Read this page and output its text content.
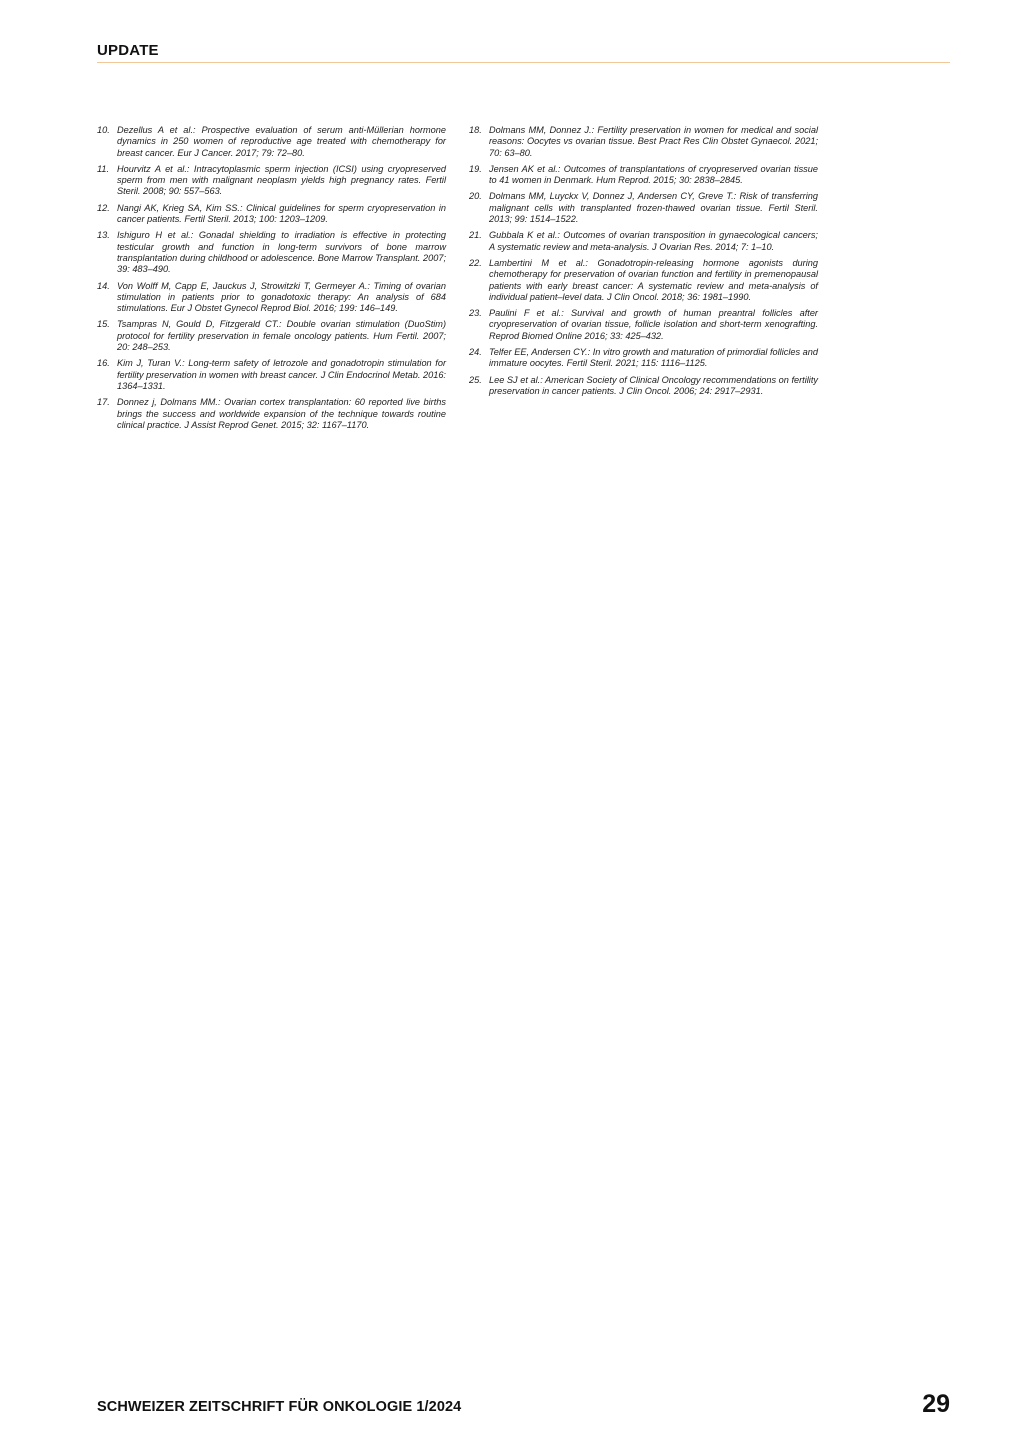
UPDATE
10. Dezellus A et al.: Prospective evaluation of serum anti-Müllerian hormone dynamics in 250 women of reproductive age treated with chemotherapy for breast cancer. Eur J Cancer. 2017; 79: 72–80.
11. Hourvitz A et al.: Intracytoplasmic sperm injection (ICSI) using cryopreserved sperm from men with malignant neoplasm yields high pregnancy rates. Fertil Steril. 2008; 90: 557–563.
12. Nangi AK, Krieg SA, Kim SS.: Clinical guidelines for sperm cryopreservation in cancer patients. Fertil Steril. 2013; 100: 1203–1209.
13. Ishiguro H et al.: Gonadal shielding to irradiation is effective in protecting testicular growth and function in long-term survivors of bone marrow transplantation during childhood or adolescence. Bone Marrow Transplant. 2007; 39: 483–490.
14. Von Wolff M, Capp E, Jauckus J, Strowitzki T, Germeyer A.: Timing of ovarian stimulation in patients prior to gonadotoxic therapy: An analysis of 684 stimulations. Eur J Obstet Gynecol Reprod Biol. 2016; 199: 146–149.
15. Tsampras N, Gould D, Fitzgerald CT.: Double ovarian stimulation (DuoStim) protocol for fertility preservation in female oncology patients. Hum Fertil. 2007; 20: 248–253.
16. Kim J, Turan V.: Long-term safety of letrozole and gonadotropin stimulation for fertility preservation in women with breast cancer. J Clin Endocrinol Metab. 2016: 1364–1331.
17. Donnez j, Dolmans MM.: Ovarian cortex transplantation: 60 reported live births brings the success and worldwide expansion of the technique towards routine clinical practice. J Assist Reprod Genet. 2015; 32: 1167–1170.
18. Dolmans MM, Donnez J.: Fertility preservation in women for medical and social reasons: Oocytes vs ovarian tissue. Best Pract Res Clin Obstet Gynaecol. 2021; 70: 63–80.
19. Jensen AK et al.: Outcomes of transplantations of cryopreserved ovarian tissue to 41 women in Denmark. Hum Reprod. 2015; 30: 2838–2845.
20. Dolmans MM, Luyckx V, Donnez J, Andersen CY, Greve T.: Risk of transferring malignant cells with transplanted frozen-thawed ovarian tissue. Fertil Steril. 2013; 99: 1514–1522.
21. Gubbala K et al.: Outcomes of ovarian transposition in gynaecological cancers; A systematic review and meta-analysis. J Ovarian Res. 2014; 7: 1–10.
22. Lambertini M et al.: Gonadotropin-releasing hormone agonists during chemotherapy for preservation of ovarian function and fertility in premenopausal patients with early breast cancer: A systematic review and meta-analysis of individual patient–level data. J Clin Oncol. 2018; 36: 1981–1990.
23. Paulini F et al.: Survival and growth of human preantral follicles after cryopreservation of ovarian tissue, follicle isolation and short-term xenografting. Reprod Biomed Online 2016; 33: 425–432.
24. Telfer EE, Andersen CY.: In vitro growth and maturation of primordial follicles and immature oocytes. Fertil Steril. 2021; 115: 1116–1125.
25. Lee SJ et al.: American Society of Clinical Oncology recommendations on fertility preservation in cancer patients. J Clin Oncol. 2006; 24: 2917–2931.
SCHWEIZER ZEITSCHRIFT FÜR ONKOLOGIE 1/2024	29
